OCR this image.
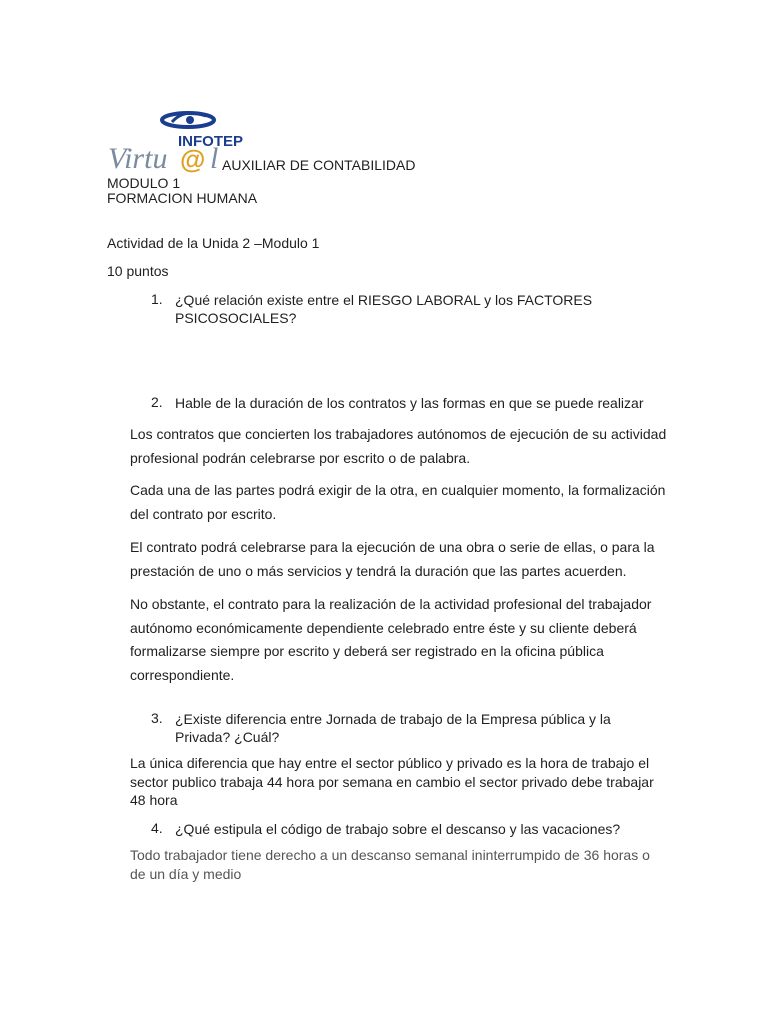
INFOTEP
Virtu @ l AUXILIAR DE CONTABILIDAD
MODULO 1
FORMACION HUMANA
Actividad de la Unida 2 –Modulo 1
10 puntos
1. ¿Qué relación existe entre el RIESGO LABORAL y los FACTORES PSICOSOCIALES?
2. Hable de la duración de los contratos y las formas en que se puede realizar
Los contratos que concierten los trabajadores autónomos de ejecución de su actividad profesional podrán celebrarse por escrito o de palabra.
Cada una de las partes podrá exigir de la otra, en cualquier momento, la formalización del contrato por escrito.
El contrato podrá celebrarse para la ejecución de una obra o serie de ellas, o para la prestación de uno o más servicios y tendrá la duración que las partes acuerden.
No obstante, el contrato para la realización de la actividad profesional del trabajador autónomo económicamente dependiente celebrado entre éste y su cliente deberá formalizarse siempre por escrito y deberá ser registrado en la oficina pública correspondiente.
3. ¿Existe diferencia entre Jornada de trabajo de la Empresa pública y la Privada? ¿Cuál?
La única diferencia que hay entre el sector público y privado es la hora de trabajo el sector publico trabaja 44 hora por semana en cambio el sector privado debe trabajar 48 hora
4. ¿Qué estipula el código de trabajo sobre el descanso y las vacaciones?
Todo trabajador tiene derecho a un descanso semanal ininterrumpido de 36 horas o de un día y medio
